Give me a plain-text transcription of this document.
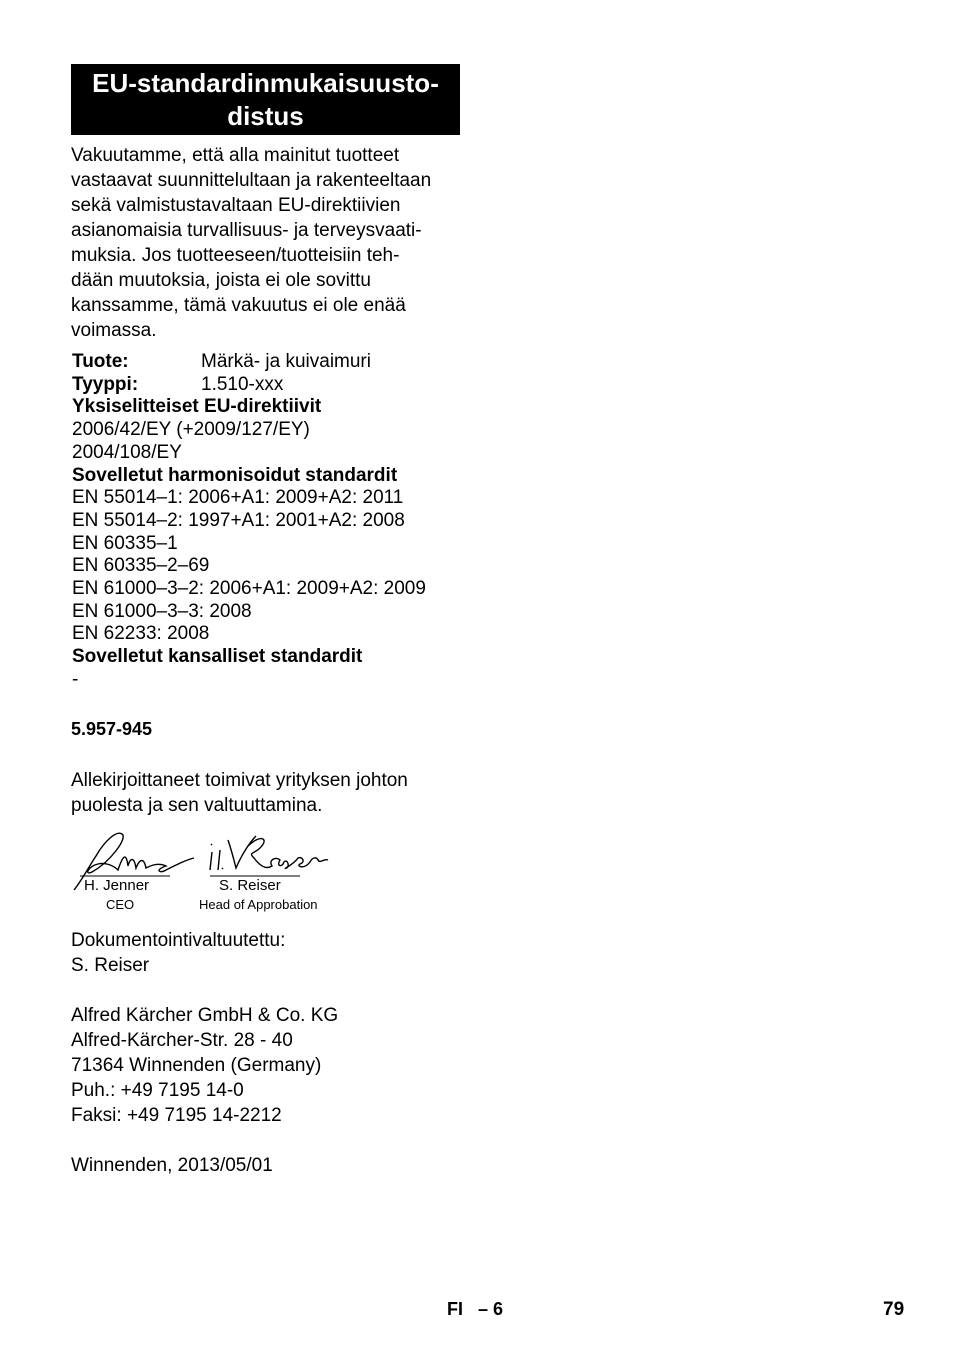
EU-standardinmukaisuusto-
distus
Vakuutamme, että alla mainitut tuotteet
vastaavat suunnittelultaan ja rakenteeltaan
sekä valmistustavaltaan EU-direktiivien
asianomaisia turvallisuus- ja terveysvaati-
muksia. Jos tuotteeseen/tuotteisiin teh-
dään muutoksia, joista ei ole sovittu
kanssamme, tämä vakuutus ei ole enää
voimassa.
Tuote:	Märkä- ja kuivaimuri
Tyyppi:	1.510-xxx
Yksiselitteiset EU-direktiivit
2006/42/EY (+2009/127/EY)
2004/108/EY
Sovelletut harmonisoidut standardit
EN 55014–1: 2006+A1: 2009+A2: 2011
EN 55014–2: 1997+A1: 2001+A2: 2008
EN 60335–1
EN 60335–2–69
EN 61000–3–2: 2006+A1: 2009+A2: 2009
EN 61000–3–3: 2008
EN 62233: 2008
Sovelletut kansalliset standardit
-
5.957-945
Allekirjoittaneet toimivat yrityksen johton
puolesta ja sen valtuuttamina.
H. Jenner
CEO
S. Reiser
Head of Approbation
Dokumentointivaltuutettu:
S. Reiser
Alfred Kärcher GmbH & Co. KG
Alfred-Kärcher-Str. 28 - 40
71364 Winnenden (Germany)
Puh.: +49 7195 14-0
Faksi: +49 7195 14-2212
Winnenden, 2013/05/01
FI   – 6	79
